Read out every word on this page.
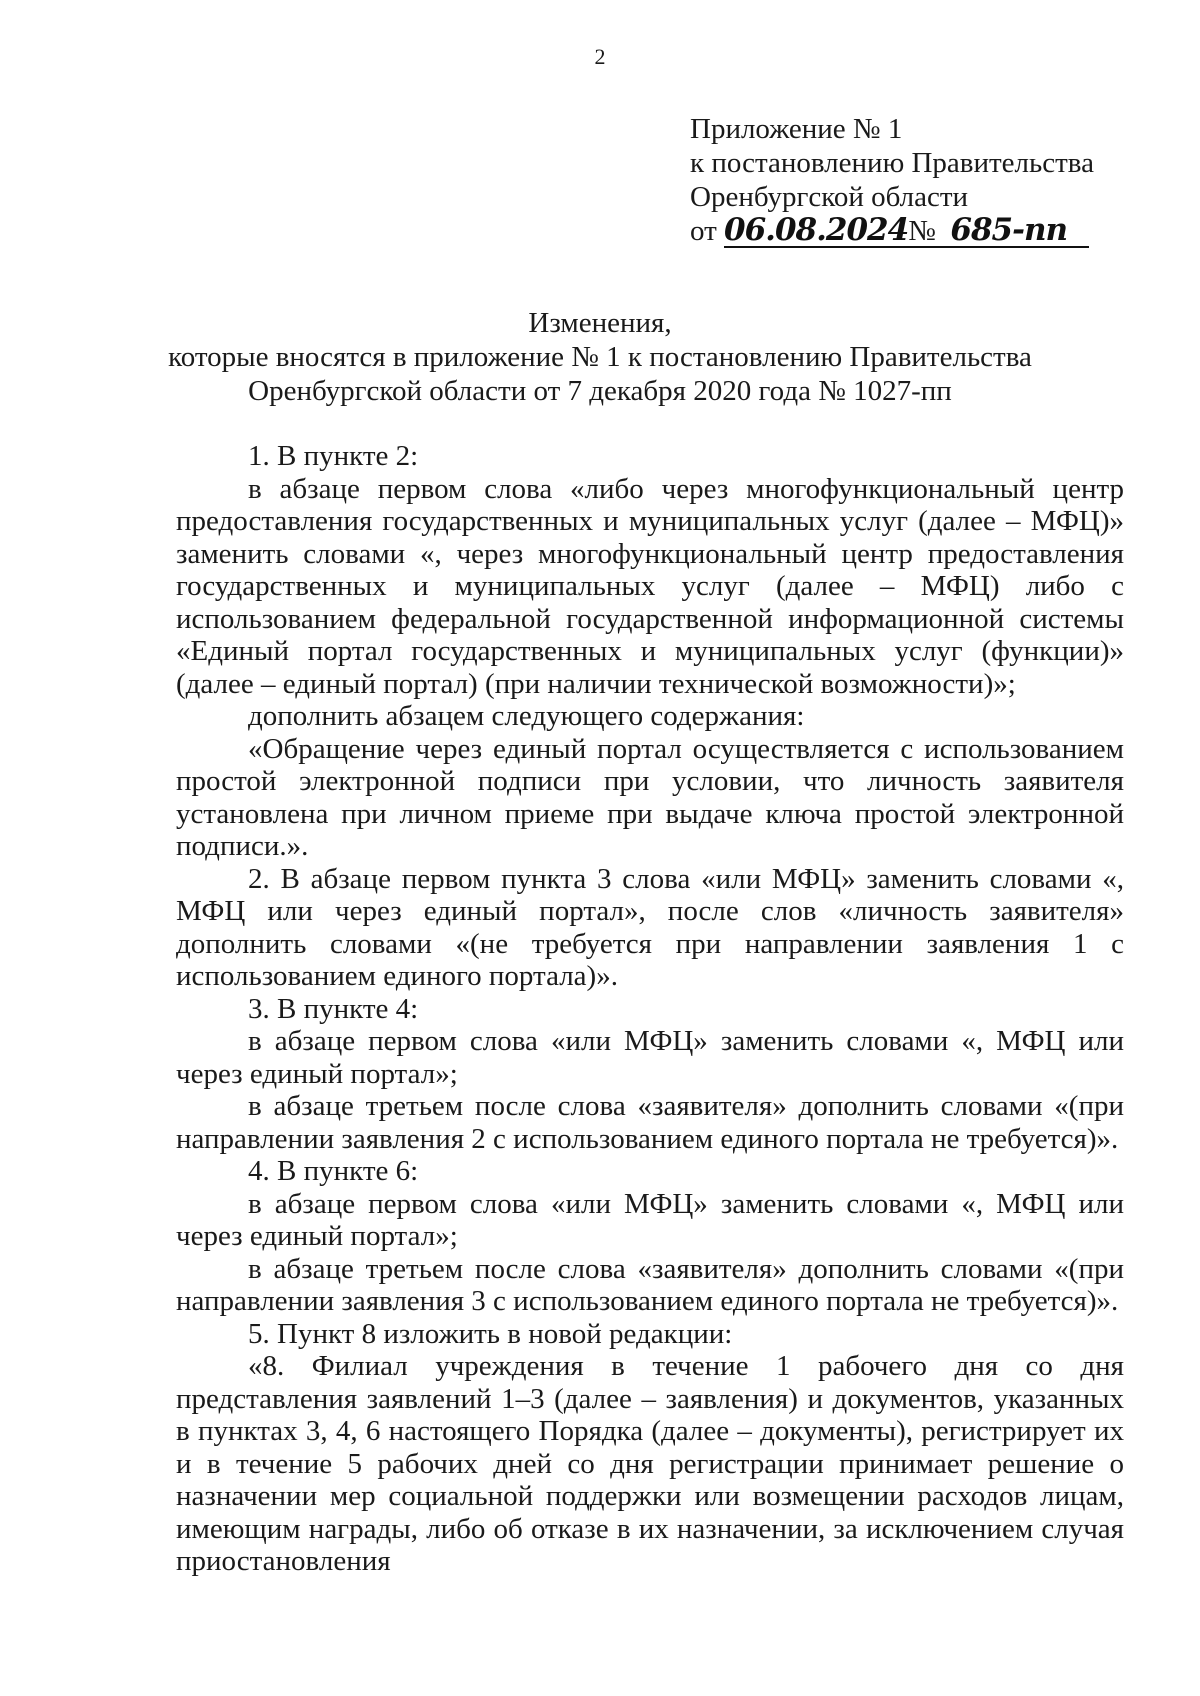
2
Приложение № 1
к постановлению Правительства
Оренбургской области
от 06.08.2024№ 685-пп
Изменения,
которые вносятся в приложение № 1 к постановлению Правительства
Оренбургской области от 7 декабря 2020 года № 1027-пп

1. В пункте 2:

в абзаце первом слова «либо через многофункциональный центр предоставления государственных и муниципальных услуг (далее – МФЦ)» заменить словами «, через многофункциональный центр предоставления государственных и муниципальных услуг (далее – МФЦ) либо с использованием федеральной государственной информационной системы «Единый портал государственных и муниципальных услуг (функции)» (далее – единый портал) (при наличии технической возможности)»;

дополнить абзацем следующего содержания:

«Обращение через единый портал осуществляется с использованием простой электронной подписи при условии, что личность заявителя установлена при личном приеме при выдаче ключа простой электронной подписи.».

2. В абзаце первом пункта 3 слова «или МФЦ» заменить словами «, МФЦ или через единый портал», после слов «личность заявителя» дополнить словами «(не требуется при направлении заявления 1 с использованием единого портала)».

3. В пункте 4:

в абзаце первом слова «или МФЦ» заменить словами «, МФЦ или через единый портал»;

в абзаце третьем после слова «заявителя» дополнить словами «(при направлении заявления 2 с использованием единого портала не требуется)».

4. В пункте 6:

в абзаце первом слова «или МФЦ» заменить словами «, МФЦ или через единый портал»;

в абзаце третьем после слова «заявителя» дополнить словами «(при направлении заявления 3 с использованием единого портала не требуется)».

5. Пункт 8 изложить в новой редакции:

«8. Филиал учреждения в течение 1 рабочего дня со дня представления заявлений 1–3 (далее – заявления) и документов, указанных в пунктах 3, 4, 6 настоящего Порядка (далее – документы), регистрирует их и в течение 5 рабочих дней со дня регистрации принимает решение о назначении мер социальной поддержки или возмещении расходов лицам, имеющим награды, либо об отказе в их назначении, за исключением случая приостановления
